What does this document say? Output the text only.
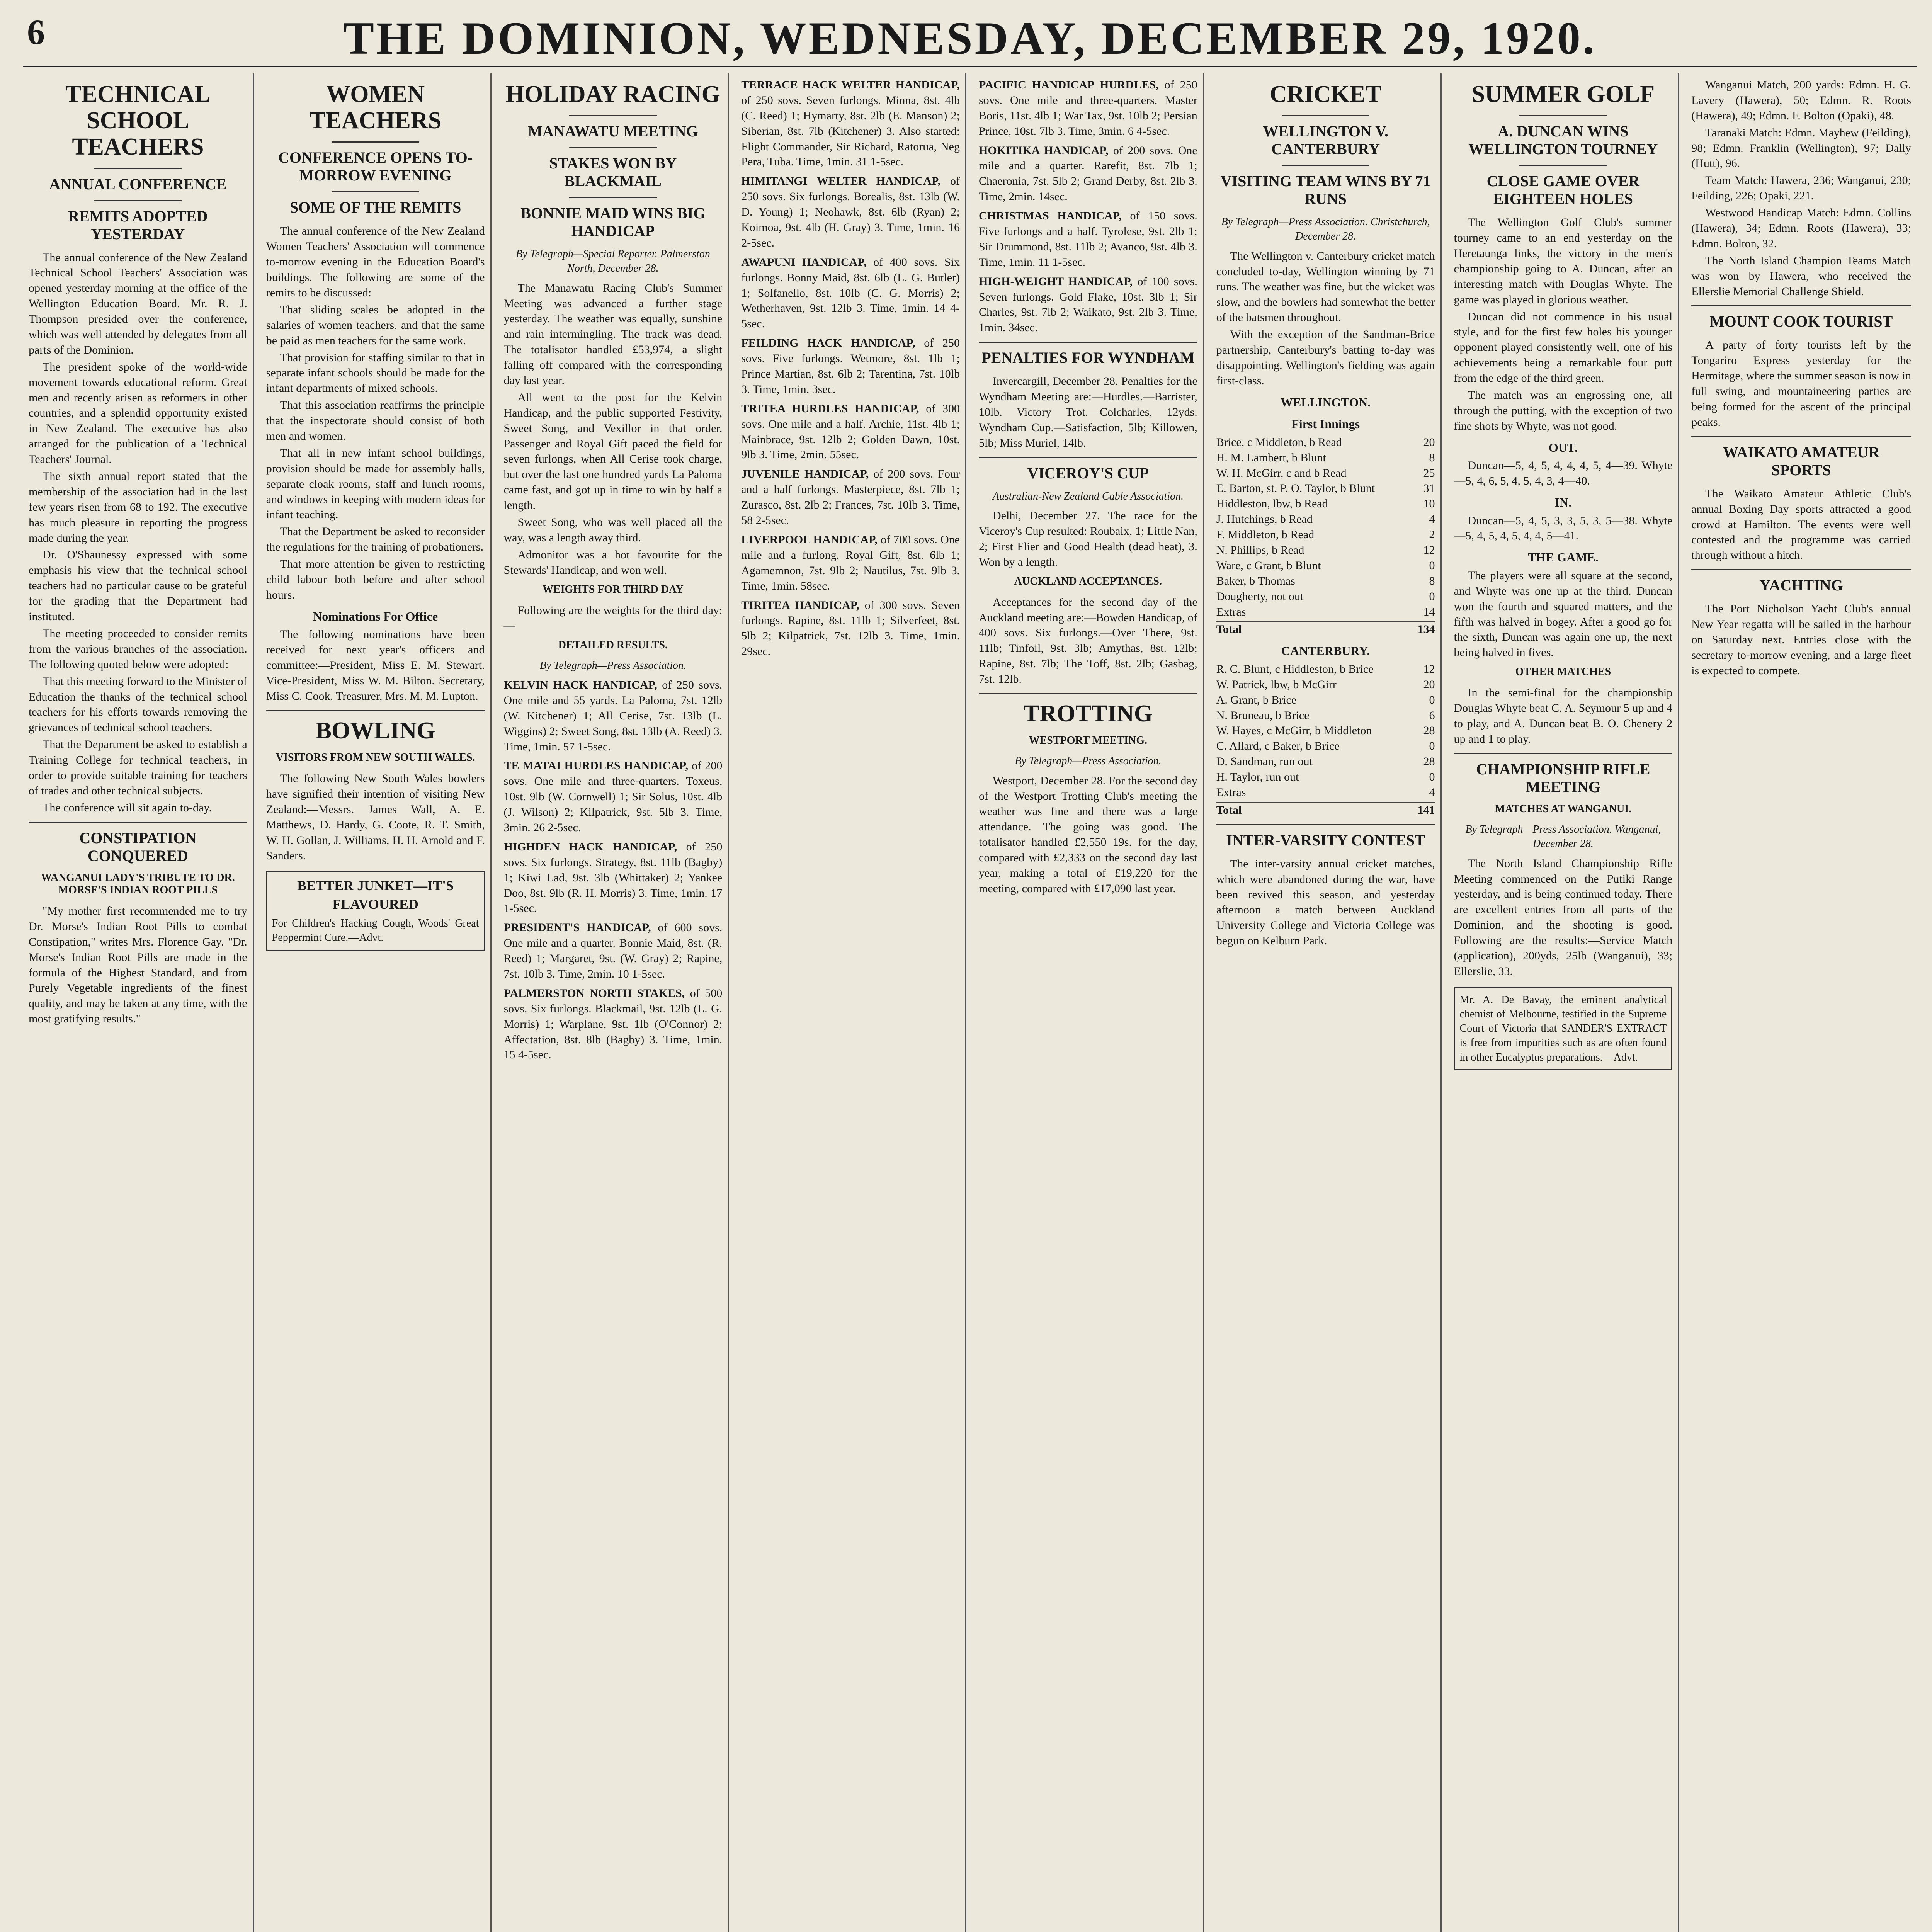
6	THE DOMINION, WEDNESDAY, DECEMBER 29, 1920.
TECHNICAL SCHOOL TEACHERS
ANNUAL CONFERENCE
REMITS ADOPTED YESTERDAY

The annual conference of the New Zealand Technical School Teachers' Association was opened yesterday morning at the office of the Wellington Education Board. Mr. R. J. Thompson presided over the conference, which was well attended by delegates from all parts of the Dominion.

The president spoke of the world-wide movement towards educational reform. Great men and recently arisen as reformers in other countries, and a splendid opportunity existed in New Zealand. The executive has also arranged for the publication of a Technical Teachers' Journal.

The sixth annual report stated that the membership of the association had in the last few years risen from 68 to 192. The executive has much pleasure in reporting the progress made during the year.

Dr. O'Shaunessy expressed with some emphasis his view that the technical school teachers had no particular cause to be grateful for the grading that the Department had instituted.

The meeting proceeded to consider remits from the various branches of the association. The following quoted below were adopted:

That this meeting forward to the Minister of Education the thanks of the technical school teachers for his efforts towards removing the grievances of technical school teachers.

That the Department be asked to establish a Training College for technical teachers, in order to provide suitable training for teachers of trades and other technical subjects.

The conference will sit again to-day.

CONSTIPATION CONQUERED
WANGANUI LADY'S TRIBUTE TO DR. MORSE'S INDIAN ROOT PILLS

"My mother first recommended me to try Dr. Morse's Indian Root Pills to combat Constipation," writes Mrs. Florence Gay. "Dr. Morse's Indian Root Pills are made in the formula of the Highest Standard, and from Purely Vegetable ingredients of the finest quality, and may be taken at any time, with the most gratifying results."

WOMEN TEACHERS
CONFERENCE OPENS TO-MORROW EVENING
SOME OF THE REMITS

The annual conference of the New Zealand Women Teachers' Association will commence to-morrow evening in the Education Board's buildings. The following are some of the remits to be discussed:

That sliding scales be adopted in the salaries of women teachers, and that the same be paid as men teachers for the same work.

That provision for staffing similar to that in separate infant schools should be made for the infant departments of mixed schools.

That this association reaffirms the principle that the inspectorate should consist of both men and women.

That all in new infant school buildings, provision should be made for assembly halls, separate cloak rooms, staff and lunch rooms, and windows in keeping with modern ideas for infant teaching.

That the Department be asked to reconsider the regulations for the training of probationers.

That more attention be given to restricting child labour both before and after school hours.

Nominations For Office

The following nominations have been received for next year's officers and committee:—President, Miss E. M. Stewart. Vice-President, Miss W. M. Bilton. Secretary, Miss C. Cook. Treasurer, Mrs. M. M. Lupton.

BOWLING
VISITORS FROM NEW SOUTH WALES.

The following New South Wales bowlers have signified their intention of visiting New Zealand:—Messrs. James Wall, A. E. Matthews, D. Hardy, G. Coote, R. T. Smith, W. H. Gollan, J. Williams, H. H. Arnold and F. Sanders.

BETTER JUNKET—IT'S FLAVOURED
For Children's Hacking Cough, Woods' Great Peppermint Cure.—Advt.
HOLIDAY RACING
MANAWATU MEETING
STAKES WON BY BLACKMAIL
BONNIE MAID WINS BIG HANDICAP
By Telegraph—Special Reporter. Palmerston North, December 28.

The Manawatu Racing Club's Summer Meeting was advanced a further stage yesterday. The weather was equally, sunshine and rain intermingling. The track was dead. The totalisator handled £53,974, a slight falling off compared with the corresponding day last year.

All went to the post for the Kelvin Handicap, and the public supported Festivity, Sweet Song, and Vexillor in that order. Passenger and Royal Gift paced the field for seven furlongs, when All Cerise took charge, but over the last one hundred yards La Paloma came fast, and got up in time to win by half a length.

Sweet Song, who was well placed all the way, was a length away third.

Admonitor was a hot favourite for the Stewards' Handicap, and won well.

WEIGHTS FOR THIRD DAY

Following are the weights for the third day:—

DETAILED RESULTS.
By Telegraph—Press Association.
KELVIN HACK HANDICAP, of 250 sovs. One mile and 55 yards. La Paloma, 7st. 12lb (W. Kitchener) 1; All Cerise, 7st. 13lb (L. Wiggins) 2; Sweet Song, 8st. 13lb (A. Reed) 3. Time, 1min. 57 1-5sec.
TE MATAI HURDLES HANDICAP, of 200 sovs. One mile and three-quarters. Toxeus, 10st. 9lb (W. Cornwell) 1; Sir Solus, 10st. 4lb (J. Wilson) 2; Kilpatrick, 9st. 5lb 3. Time, 3min. 26 2-5sec.
HIGHDEN HACK HANDICAP, of 250 sovs. Six furlongs. Strategy, 8st. 11lb (Bagby) 1; Kiwi Lad, 9st. 3lb (Whittaker) 2; Yankee Doo, 8st. 9lb (R. H. Morris) 3. Time, 1min. 17 1-5sec.
PRESIDENT'S HANDICAP, of 600 sovs. One mile and a quarter. Bonnie Maid, 8st. (R. Reed) 1; Margaret, 9st. (W. Gray) 2; Rapine, 7st. 10lb 3. Time, 2min. 10 1-5sec.
PALMERSTON NORTH STAKES, of 500 sovs. Six furlongs. Blackmail, 9st. 12lb (L. G. Morris) 1; Warplane, 9st. 1lb (O'Connor) 2; Affectation, 8st. 8lb (Bagby) 3. Time, 1min. 15 4-5sec.
TERRACE HACK WELTER HANDICAP, of 250 sovs. Seven furlongs. Minna, 8st. 4lb (C. Reed) 1; Hymarty, 8st. 2lb (E. Manson) 2; Siberian, 8st. 7lb (Kitchener) 3. Also started: Flight Commander, Sir Richard, Ratorua, Neg Pera, Tuba. Time, 1min. 31 1-5sec.
HIMITANGI WELTER HANDICAP, of 250 sovs. Six furlongs. Borealis, 8st. 13lb (W. D. Young) 1; Neohawk, 8st. 6lb (Ryan) 2; Koimoa, 9st. 4lb (H. Gray) 3. Time, 1min. 16 2-5sec.
AWAPUNI HANDICAP, of 400 sovs. Six furlongs. Bonny Maid, 8st. 6lb (L. G. Butler) 1; Solfanello, 8st. 10lb (C. G. Morris) 2; Wetherhaven, 9st. 12lb 3. Time, 1min. 14 4-5sec.
FEILDING HACK HANDICAP, of 250 sovs. Five furlongs. Wetmore, 8st. 1lb 1; Prince Martian, 8st. 6lb 2; Tarentina, 7st. 10lb 3. Time, 1min. 3sec.
TRITEA HURDLES HANDICAP, of 300 sovs. One mile and a half. Archie, 11st. 4lb 1; Mainbrace, 9st. 12lb 2; Golden Dawn, 10st. 9lb 3. Time, 2min. 55sec.
JUVENILE HANDICAP, of 200 sovs. Four and a half furlongs. Masterpiece, 8st. 7lb 1; Zurasco, 8st. 2lb 2; Frances, 7st. 10lb 3. Time, 58 2-5sec.
LIVERPOOL HANDICAP, of 700 sovs. One mile and a furlong. Royal Gift, 8st. 6lb 1; Agamemnon, 7st. 9lb 2; Nautilus, 7st. 9lb 3. Time, 1min. 58sec.
TIRITEA HANDICAP, of 300 sovs. Seven furlongs. Rapine, 8st. 11lb 1; Silverfeet, 8st. 5lb 2; Kilpatrick, 7st. 12lb 3. Time, 1min. 29sec.
PACIFIC HANDICAP HURDLES, of 250 sovs. One mile and three-quarters. Master Boris, 11st. 4lb 1; War Tax, 9st. 10lb 2; Persian Prince, 10st. 7lb 3. Time, 3min. 6 4-5sec.
HOKITIKA HANDICAP, of 200 sovs. One mile and a quarter. Rarefit, 8st. 7lb 1; Chaeronia, 7st. 5lb 2; Grand Derby, 8st. 2lb 3. Time, 2min. 14sec.
CHRISTMAS HANDICAP, of 150 sovs. Five furlongs and a half. Tyrolese, 9st. 2lb 1; Sir Drummond, 8st. 11lb 2; Avanco, 9st. 4lb 3. Time, 1min. 11 1-5sec.
HIGH-WEIGHT HANDICAP, of 100 sovs. Seven furlongs. Gold Flake, 10st. 3lb 1; Sir Charles, 9st. 7lb 2; Waikato, 9st. 2lb 3. Time, 1min. 34sec.
PENALTIES FOR WYNDHAM

Invercargill, December 28. Penalties for the Wyndham Meeting are:—Hurdles.—Barrister, 10lb. Victory Trot.—Colcharles, 12yds. Wyndham Cup.—Satisfaction, 5lb; Killowen, 5lb; Miss Muriel, 14lb.

VICEROY'S CUP
Australian-New Zealand Cable Association.

Delhi, December 27. The race for the Viceroy's Cup resulted: Roubaix, 1; Little Nan, 2; First Flier and Good Health (dead heat), 3. Won by a length.

AUCKLAND ACCEPTANCES.

Acceptances for the second day of the Auckland meeting are:—Bowden Handicap, of 400 sovs. Six furlongs.—Over There, 9st. 11lb; Tinfoil, 9st. 3lb; Amythas, 8st. 12lb; Rapine, 8st. 7lb; The Toff, 8st. 2lb; Gasbag, 7st. 12lb.

TROTTING
WESTPORT MEETING.
By Telegraph—Press Association.

Westport, December 28. For the second day of the Westport Trotting Club's meeting the weather was fine and there was a large attendance. The going was good. The totalisator handled £2,550 19s. for the day, compared with £2,333 on the second day last year, making a total of £19,220 for the meeting, compared with £17,090 last year.

CRICKET
WELLINGTON V. CANTERBURY
VISITING TEAM WINS BY 71 RUNS
By Telegraph—Press Association. Christchurch, December 28.

The Wellington v. Canterbury cricket match concluded to-day, Wellington winning by 71 runs. The weather was fine, but the wicket was slow, and the bowlers had somewhat the better of the batsmen throughout.

With the exception of the Sandman-Brice partnership, Canterbury's batting to-day was disappointing. Wellington's fielding was again first-class.

WELLINGTON.
First Innings
Brice, c Middleton, b Read	20
H. M. Lambert, b Blunt	8
W. H. McGirr, c and b Read	25
E. Barton, st. P. O. Taylor, b Blunt	31
Hiddleston, lbw, b Read	10
J. Hutchings, b Read	4
F. Middleton, b Read	2
N. Phillips, b Read	12
Ware, c Grant, b Blunt	0
Baker, b Thomas	8
Dougherty, not out	0
Extras	14
Total	134
CANTERBURY.
R. C. Blunt, c Hiddleston, b Brice	12
W. Patrick, lbw, b McGirr	20
A. Grant, b Brice	0
N. Bruneau, b Brice	6
W. Hayes, c McGirr, b Middleton	28
C. Allard, c Baker, b Brice	0
D. Sandman, run out	28
H. Taylor, run out	0
Extras	4
Total	141
INTER-VARSITY CONTEST

The inter-varsity annual cricket matches, which were abandoned during the war, have been revived this season, and yesterday afternoon a match between Auckland University College and Victoria College was begun on Kelburn Park.

SUMMER GOLF
A. DUNCAN WINS WELLINGTON TOURNEY
CLOSE GAME OVER EIGHTEEN HOLES

The Wellington Golf Club's summer tourney came to an end yesterday on the Heretaunga links, the victory in the men's championship going to A. Duncan, after an interesting match with Douglas Whyte. The game was played in glorious weather.

Duncan did not commence in his usual style, and for the first few holes his younger opponent played consistently well, one of his achievements being a remarkable four putt from the edge of the third green.

The match was an engrossing one, all through the putting, with the exception of two fine shots by Whyte, was not good.

OUT.

Duncan—5, 4, 5, 4, 4, 4, 5, 4—39. Whyte—5, 4, 6, 5, 4, 5, 4, 3, 4—40.

IN.

Duncan—5, 4, 5, 3, 3, 5, 3, 5—38. Whyte—5, 4, 5, 4, 5, 4, 4, 5—41.

THE GAME.

The players were all square at the second, and Whyte was one up at the third. Duncan won the fourth and squared matters, and the fifth was halved in bogey. After a good go for the sixth, Duncan was again one up, the next being halved in fives.

OTHER MATCHES

In the semi-final for the championship Douglas Whyte beat C. A. Seymour 5 up and 4 to play, and A. Duncan beat B. O. Chenery 2 up and 1 to play.

CHAMPIONSHIP RIFLE MEETING
MATCHES AT WANGANUI.
By Telegraph—Press Association. Wanganui, December 28.

The North Island Championship Rifle Meeting commenced on the Putiki Range yesterday, and is being continued today. There are excellent entries from all parts of the Dominion, and the shooting is good. Following are the results:—Service Match (application), 200yds, 25lb (Wanganui), 33; Ellerslie, 33.

Mr. A. De Bavay, the eminent analytical chemist of Melbourne, testified in the Supreme Court of Victoria that SANDER'S EXTRACT is free from impurities such as are often found in other Eucalyptus preparations.—Advt.

Wanganui Match, 200 yards: Edmn. H. G. Lavery (Hawera), 50; Edmn. R. Roots (Hawera), 49; Edmn. F. Bolton (Opaki), 48.

Taranaki Match: Edmn. Mayhew (Feilding), 98; Edmn. Franklin (Wellington), 97; Dally (Hutt), 96.

Team Match: Hawera, 236; Wanganui, 230; Feilding, 226; Opaki, 221.

Westwood Handicap Match: Edmn. Collins (Hawera), 34; Edmn. Roots (Hawera), 33; Edmn. Bolton, 32.

The North Island Champion Teams Match was won by Hawera, who received the Ellerslie Memorial Challenge Shield.

MOUNT COOK TOURIST

A party of forty tourists left by the Tongariro Express yesterday for the Hermitage, where the summer season is now in full swing, and mountaineering parties are being formed for the ascent of the principal peaks.

WAIKATO AMATEUR SPORTS

The Waikato Amateur Athletic Club's annual Boxing Day sports attracted a good crowd at Hamilton. The events were well contested and the programme was carried through without a hitch.

YACHTING

The Port Nicholson Yacht Club's annual New Year regatta will be sailed in the harbour on Saturday next. Entries close with the secretary to-morrow evening, and a large fleet is expected to compete.
